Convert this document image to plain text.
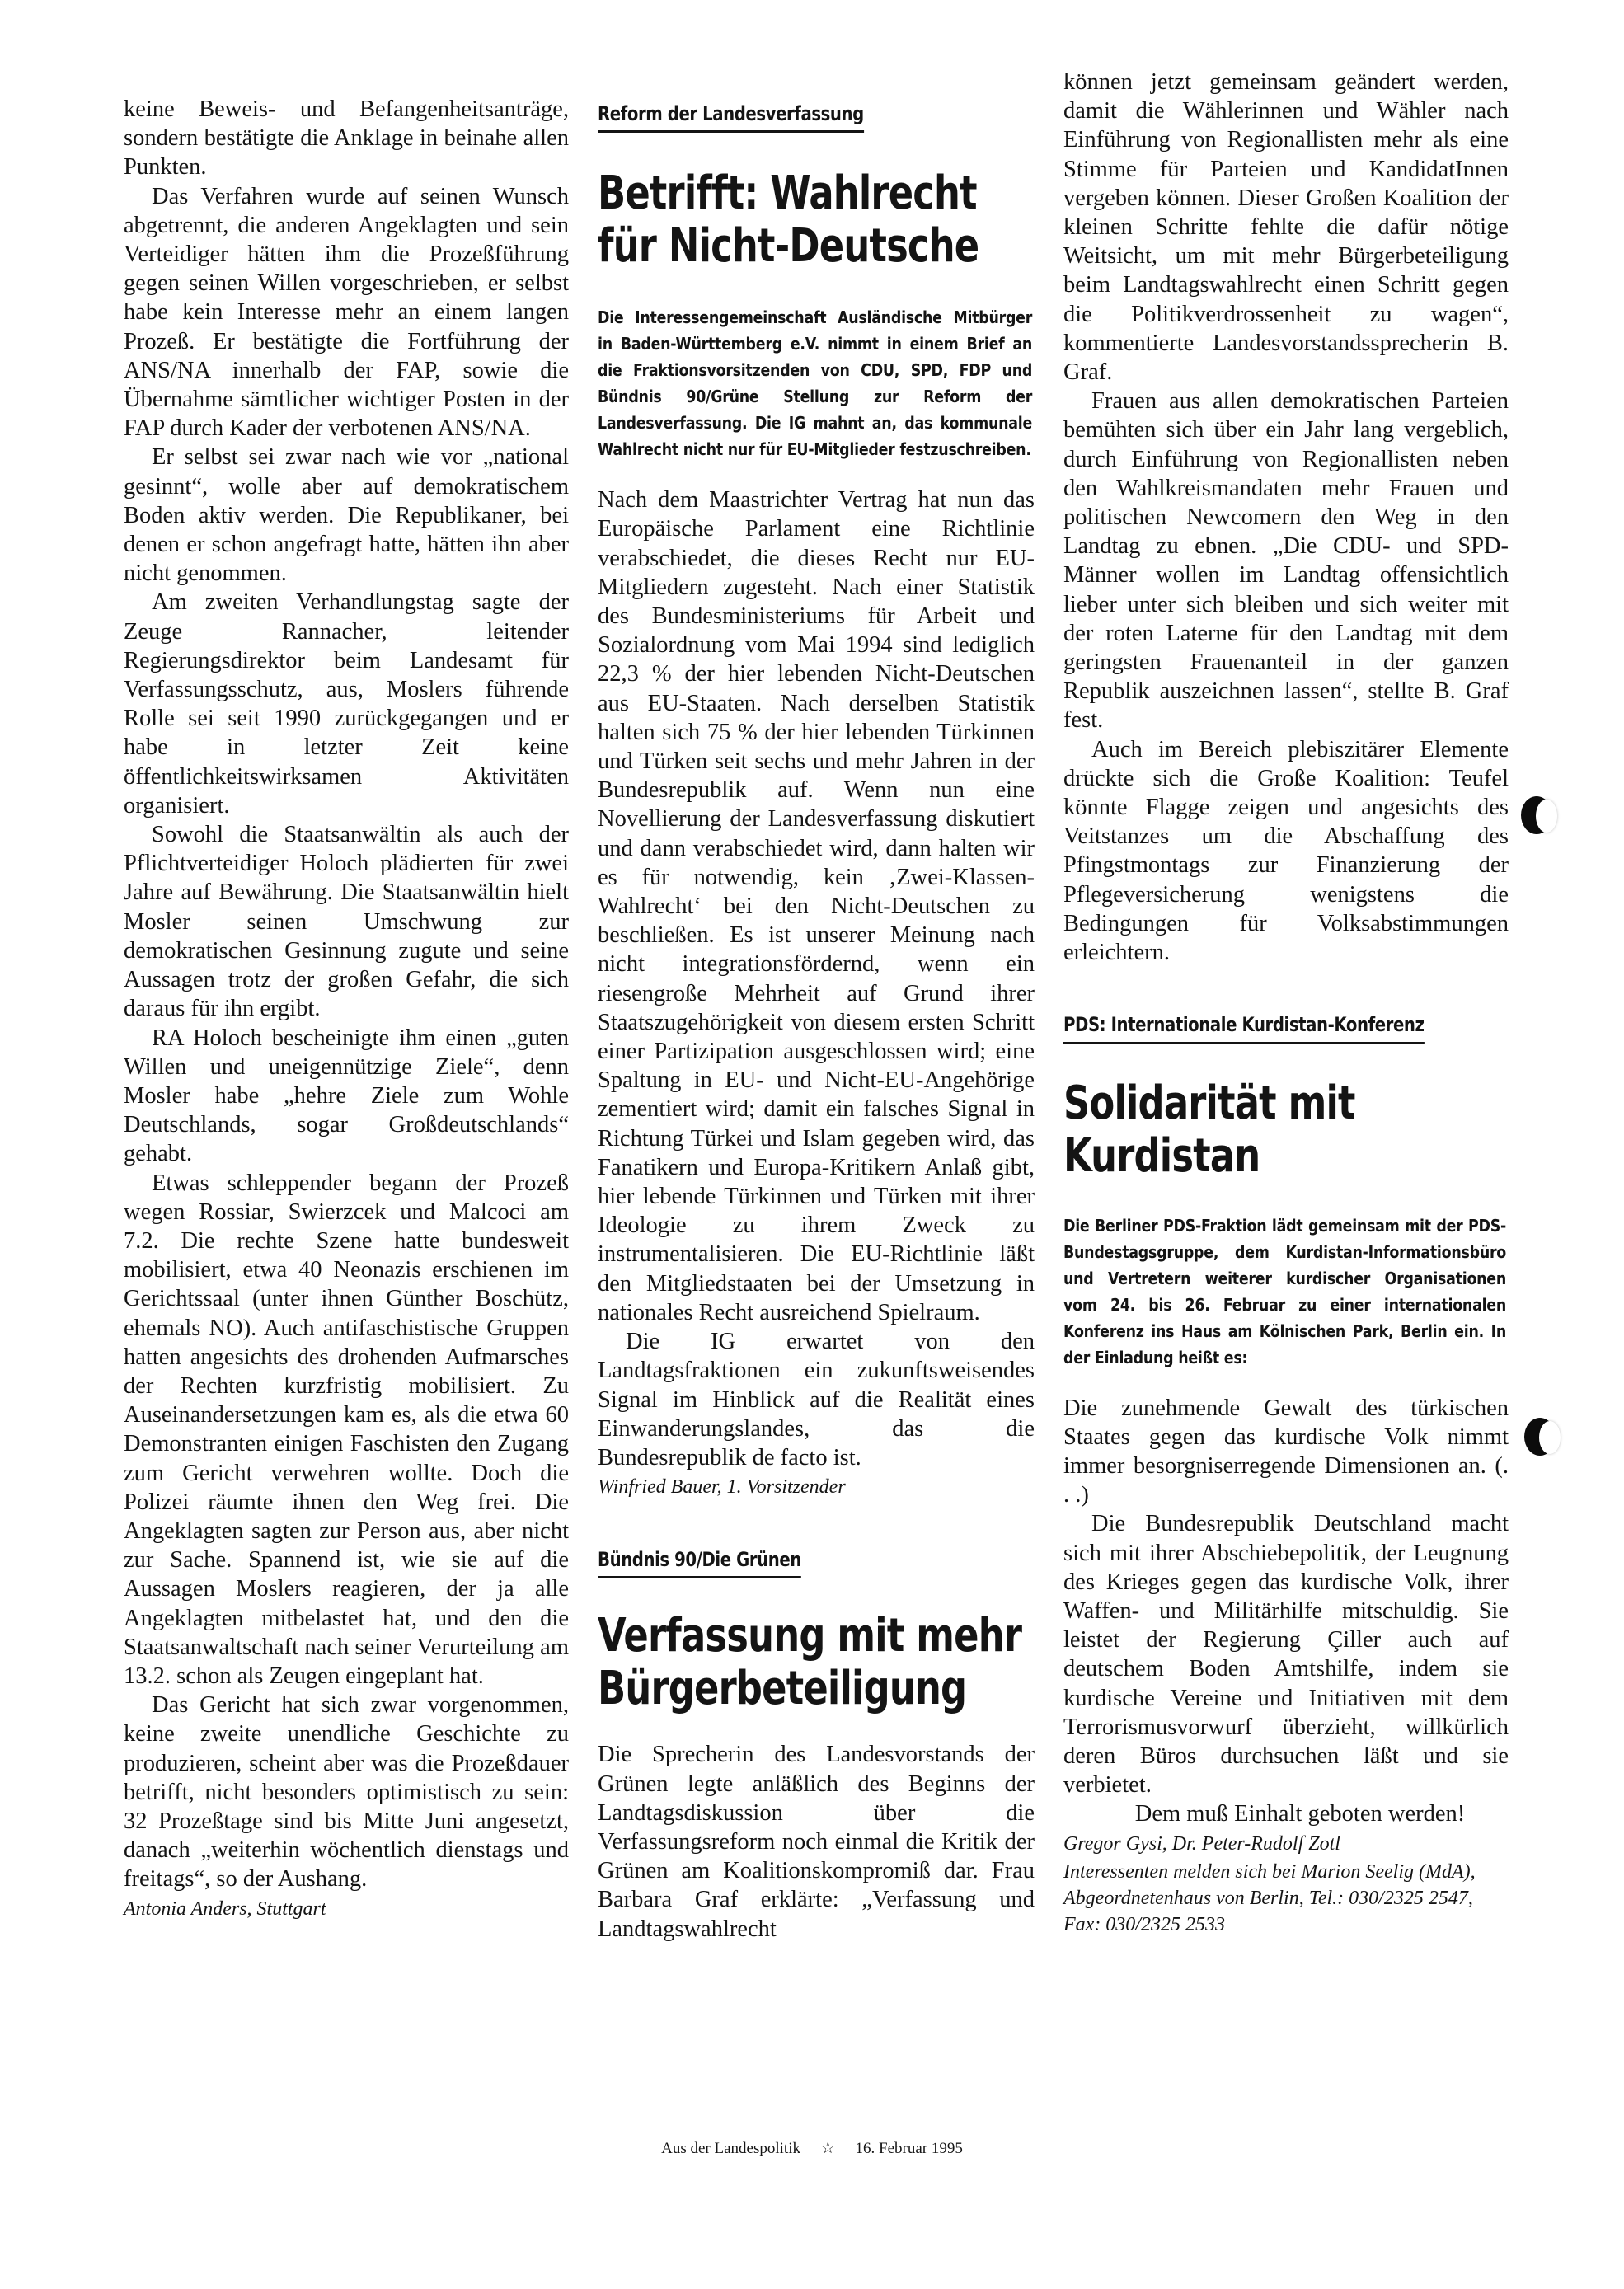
keine Beweis- und Befangenheitsanträge, sondern bestätigte die Anklage in beinahe allen Punkten.

Das Verfahren wurde auf seinen Wunsch abgetrennt, die anderen Angeklagten und sein Verteidiger hätten ihm die Prozeßführung gegen seinen Willen vorgeschrieben, er selbst habe kein Interesse mehr an einem langen Prozeß. Er bestätigte die Fortführung der ANS/NA innerhalb der FAP, sowie die Übernahme sämtlicher wichtiger Posten in der FAP durch Kader der verbotenen ANS/NA.

Er selbst sei zwar nach wie vor „national gesinnt“, wolle aber auf demokratischem Boden aktiv werden. Die Republikaner, bei denen er schon angefragt hatte, hätten ihn aber nicht genommen.

Am zweiten Verhandlungstag sagte der Zeuge Rannacher, leitender Regierungsdirektor beim Landesamt für Verfassungsschutz, aus, Moslers führende Rolle sei seit 1990 zurückgegangen und er habe in letzter Zeit keine öffentlichkeitswirksamen Aktivitäten organisiert.

Sowohl die Staatsanwältin als auch der Pflichtverteidiger Holoch plädierten für zwei Jahre auf Bewährung. Die Staatsanwältin hielt Mosler seinen Umschwung zur demokratischen Gesinnung zugute und seine Aussagen trotz der großen Gefahr, die sich daraus für ihn ergibt.

RA Holoch bescheinigte ihm einen „guten Willen und uneigennützige Ziele“, denn Mosler habe „hehre Ziele zum Wohle Deutschlands, sogar Großdeutschlands“ gehabt.

Etwas schleppender begann der Prozeß wegen Rossiar, Swierzcek und Malcoci am 7.2. Die rechte Szene hatte bundesweit mobilisiert, etwa 40 Neonazis erschienen im Gerichtssaal (unter ihnen Günther Boschütz, ehemals NO). Auch antifaschistische Gruppen hatten angesichts des drohenden Aufmarsches der Rechten kurzfristig mobilisiert. Zu Auseinandersetzungen kam es, als die etwa 60 Demonstranten einigen Faschisten den Zugang zum Gericht verwehren wollte. Doch die Polizei räumte ihnen den Weg frei. Die Angeklagten sagten zur Person aus, aber nicht zur Sache. Spannend ist, wie sie auf die Aussagen Moslers reagieren, der ja alle Angeklagten mitbelastet hat, und den die Staatsanwaltschaft nach seiner Verurteilung am 13.2. schon als Zeugen eingeplant hat.

Das Gericht hat sich zwar vorgenommen, keine zweite unendliche Geschichte zu produzieren, scheint aber was die Prozeßdauer betrifft, nicht besonders optimistisch zu sein: 32 Prozeßtage sind bis Mitte Juni angesetzt, danach „weiterhin wöchentlich dienstags und freitags“, so der Aushang.

Antonia Anders, Stuttgart

Reform der Landesverfassung
Betrifft: Wahlrecht
für Nicht-Deutsche
Die Interessengemeinschaft Ausländische Mitbürger in Baden-Württemberg e.V. nimmt in einem Brief an die Fraktionsvorsitzenden von CDU, SPD, FDP und Bündnis 90/Grüne Stellung zur Reform der Landesverfassung. Die IG mahnt an, das kommunale Wahlrecht nicht nur für EU-Mitglieder festzuschreiben.

Nach dem Maastrichter Vertrag hat nun das Europäische Parlament eine Richtlinie verabschiedet, die dieses Recht nur EU-Mitgliedern zugesteht. Nach einer Statistik des Bundesministeriums für Arbeit und Sozialordnung vom Mai 1994 sind lediglich 22,3 % der hier lebenden Nicht-Deutschen aus EU-Staaten. Nach derselben Statistik halten sich 75 % der hier lebenden Türkinnen und Türken seit sechs und mehr Jahren in der Bundesrepublik auf. Wenn nun eine Novellierung der Landesverfassung diskutiert und dann verabschiedet wird, dann halten wir es für notwendig, kein ‚Zwei-Klassen-Wahlrecht‘ bei den Nicht-Deutschen zu beschließen. Es ist unserer Meinung nach nicht integrationsfördernd, wenn ein riesengroße Mehrheit auf Grund ihrer Staatszugehörigkeit von diesem ersten Schritt einer Partizipation ausgeschlossen wird; eine Spaltung in EU- und Nicht-EU-Angehörige zementiert wird; damit ein falsches Signal in Richtung Türkei und Islam gegeben wird, das Fanatikern und Europa-Kritikern Anlaß gibt, hier lebende Türkinnen und Türken mit ihrer Ideologie zu ihrem Zweck zu instrumentalisieren. Die EU-Richtlinie läßt den Mitgliedstaaten bei der Umsetzung in nationales Recht ausreichend Spielraum.

Die IG erwartet von den Landtagsfraktionen ein zukunftsweisendes Signal im Hinblick auf die Realität eines Einwanderungslandes, das die Bundesrepublik de facto ist.

Winfried Bauer, 1. Vorsitzender

Bündnis 90/Die Grünen
Verfassung mit mehr
Bürgerbeteiligung

Die Sprecherin des Landesvorstands der Grünen legte anläßlich des Beginns der Landtagsdiskussion über die Verfassungsreform noch einmal die Kritik der Grünen am Koalitionskompromiß dar. Frau Barbara Graf erklärte: „Verfassung und Landtagswahlrecht

können jetzt gemeinsam geändert werden, damit die Wählerinnen und Wähler nach Einführung von Regionallisten mehr als eine Stimme für Parteien und KandidatInnen vergeben können. Dieser Großen Koalition der kleinen Schritte fehlte die dafür nötige Weitsicht, um mit mehr Bürgerbeteiligung beim Landtagswahlrecht einen Schritt gegen die Politikverdrossenheit zu wagen“, kommentierte Landesvorstandssprecherin B. Graf.

Frauen aus allen demokratischen Parteien bemühten sich über ein Jahr lang vergeblich, durch Einführung von Regionallisten neben den Wahlkreismandaten mehr Frauen und politischen Newcomern den Weg in den Landtag zu ebnen. „Die CDU- und SPD-Männer wollen im Landtag offensichtlich lieber unter sich bleiben und sich weiter mit der roten Laterne für den Landtag mit dem geringsten Frauenanteil in der ganzen Republik auszeichnen lassen“, stellte B. Graf fest.

Auch im Bereich plebiszitärer Elemente drückte sich die Große Koalition: Teufel könnte Flagge zeigen und angesichts des Veitstanzes um die Abschaffung des Pfingstmontags zur Finanzierung der Pflegeversicherung wenigstens die Bedingungen für Volksabstimmungen erleichtern.

PDS: Internationale Kurdistan-Konferenz
Solidarität mit
Kurdistan
Die Berliner PDS-Fraktion lädt gemeinsam mit der PDS-Bundestagsgruppe, dem Kurdistan-Informationsbüro und Vertretern weiterer kurdischer Organisationen vom 24. bis 26. Februar zu einer internationalen Konferenz ins Haus am Kölnischen Park, Berlin ein. In der Einladung heißt es:

Die zunehmende Gewalt des türkischen Staates gegen das kurdische Volk nimmt immer besorgniserregende Dimensionen an. (. . .)

Die Bundesrepublik Deutschland macht sich mit ihrer Abschiebepolitik, der Leugnung des Krieges gegen das kurdische Volk, ihrer Waffen- und Militärhilfe mitschuldig. Sie leistet der Regierung Çiller auch auf deutschem Boden Amtshilfe, indem sie kurdische Vereine und Initiativen mit dem Terrorismusvorwurf überzieht, willkürlich deren Büros durchsuchen läßt und sie verbietet.

Dem muß Einhalt geboten werden!

Gregor Gysi, Dr. Peter-Rudolf Zotl

Interessenten melden sich bei Marion Seelig (MdA), Abgeordnetenhaus von Berlin, Tel.: 030/2325 2547, Fax: 030/2325 2533

Aus der Landespolitik ☆ 16. Februar 1995
